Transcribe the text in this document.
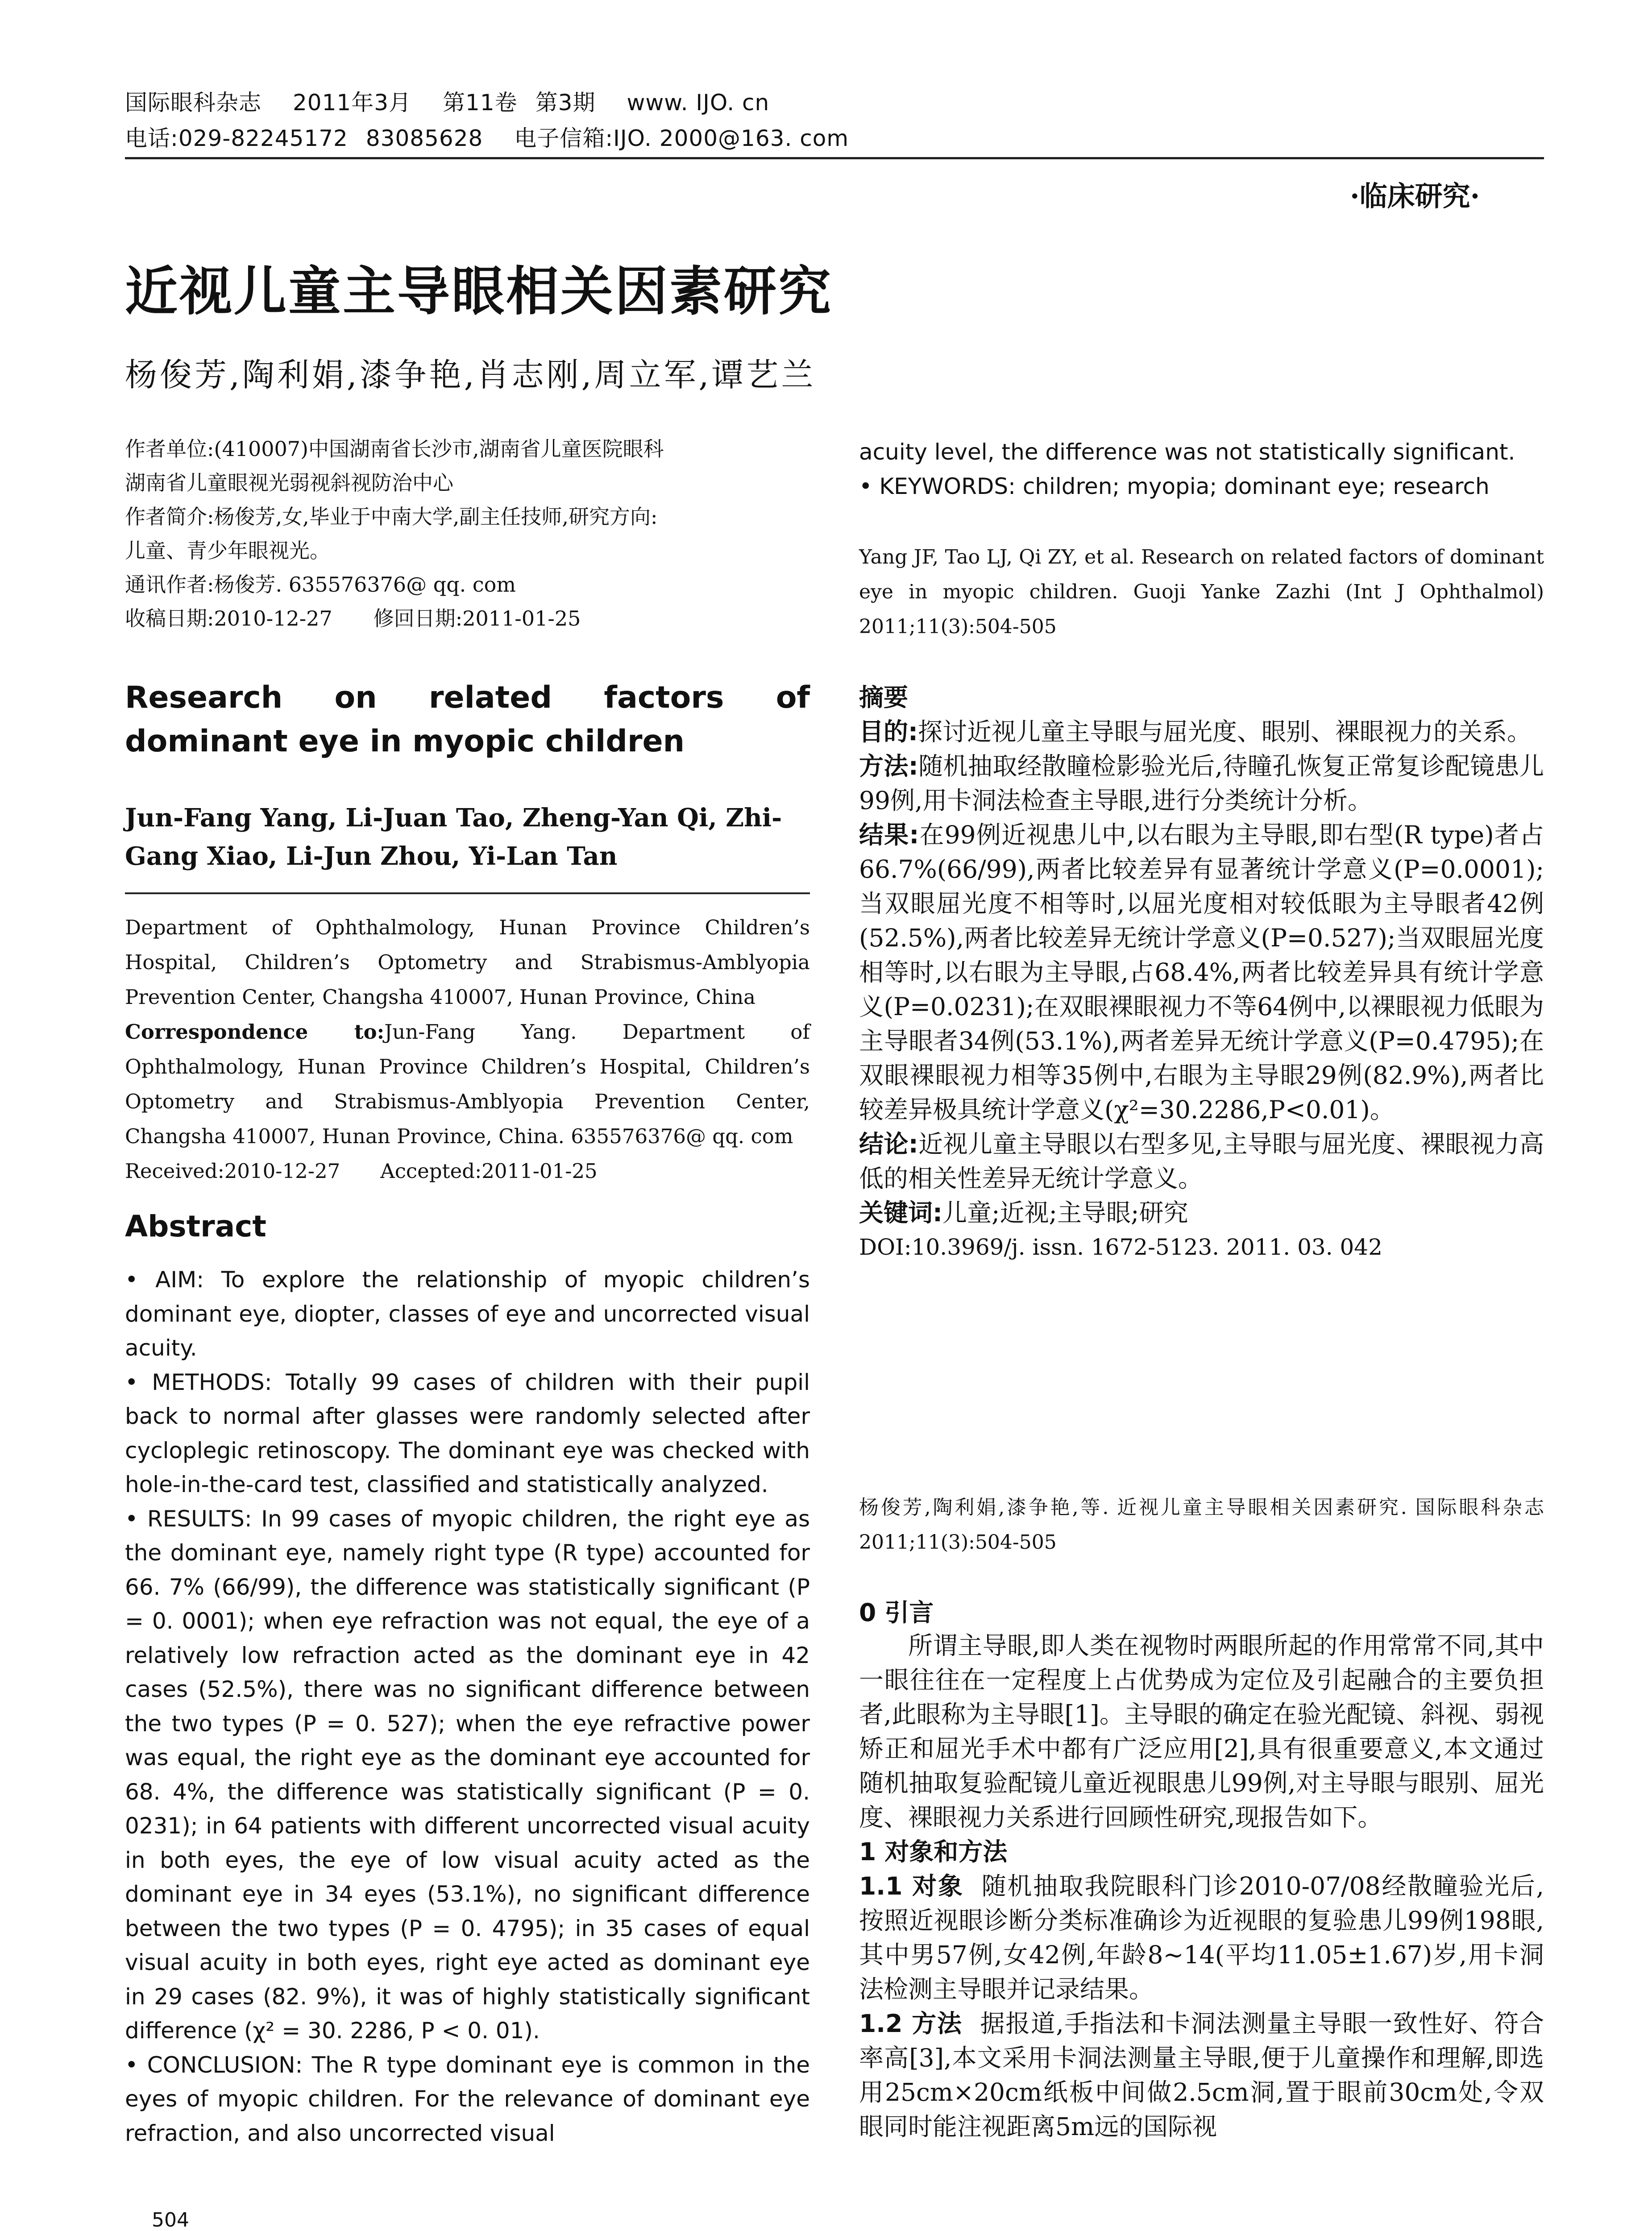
国际眼科杂志 2011年3月 第11卷 第3期 www. IJO. cn
电话:029-82245172 83085628 电子信箱:IJO. 2000@163. com
·临床研究·
近视儿童主导眼相关因素研究
杨俊芳,陶利娟,漆争艳,肖志刚,周立军,谭艺兰

作者单位:(410007)中国湖南省长沙市,湖南省儿童医院眼科

湖南省儿童眼视光弱视斜视防治中心

作者简介:杨俊芳,女,毕业于中南大学,副主任技师,研究方向:

儿童、青少年眼视光。

通讯作者:杨俊芳. 635576376@ qq. com

收稿日期:2010-12-27　　修回日期:2011-01-25

Research on related factors of dominant eye in myopic children
Jun-Fang Yang, Li-Juan Tao, Zheng-Yan Qi, Zhi-Gang Xiao, Li-Jun Zhou, Yi-Lan Tan

Department of Ophthalmology, Hunan Province Children’s Hospital, Children’s Optometry and Strabismus-Amblyopia Prevention Center, Changsha 410007, Hunan Province, China

Correspondence to:Jun-Fang Yang. Department of Ophthalmology, Hunan Province Children’s Hospital, Children’s Optometry and Strabismus-Amblyopia Prevention Center, Changsha 410007, Hunan Province, China. 635576376@ qq. com

Received:2010-12-27　　Accepted:2011-01-25

Abstract

• AIM: To explore the relationship of myopic children’s dominant eye, diopter, classes of eye and uncorrected visual acuity.

• METHODS: Totally 99 cases of children with their pupil back to normal after glasses were randomly selected after cycloplegic retinoscopy. The dominant eye was checked with hole-in-the-card test, classified and statistically analyzed.

• RESULTS: In 99 cases of myopic children, the right eye as the dominant eye, namely right type (R type) accounted for 66. 7% (66/99), the difference was statistically significant (P = 0. 0001); when eye refraction was not equal, the eye of a relatively low refraction acted as the dominant eye in 42 cases (52.5%), there was no significant difference between the two types (P = 0. 527); when the eye refractive power was equal, the right eye as the dominant eye accounted for 68. 4%, the difference was statistically significant (P = 0. 0231); in 64 patients with different uncorrected visual acuity in both eyes, the eye of low visual acuity acted as the dominant eye in 34 eyes (53.1%), no significant difference between the two types (P = 0. 4795); in 35 cases of equal visual acuity in both eyes, right eye acted as dominant eye in 29 cases (82. 9%), it was of highly statistically significant difference (χ² = 30. 2286, P < 0. 01).

• CONCLUSION: The R type dominant eye is common in the eyes of myopic children. For the relevance of dominant eye refraction, and also uncorrected visual

504

acuity level, the difference was not statistically significant.

• KEYWORDS: children; myopia; dominant eye; research

Yang JF, Tao LJ, Qi ZY, et al. Research on related factors of dominant eye in myopic children. Guoji Yanke Zazhi (Int J Ophthalmol) 2011;11(3):504-505

摘要

目的:探讨近视儿童主导眼与屈光度、眼别、裸眼视力的关系。

方法:随机抽取经散瞳检影验光后,待瞳孔恢复正常复诊配镜患儿99例,用卡洞法检查主导眼,进行分类统计分析。

结果:在99例近视患儿中,以右眼为主导眼,即右型(R type)者占66.7%(66/99),两者比较差异有显著统计学意义(P=0.0001);当双眼屈光度不相等时,以屈光度相对较低眼为主导眼者42例(52.5%),两者比较差异无统计学意义(P=0.527);当双眼屈光度相等时,以右眼为主导眼,占68.4%,两者比较差异具有统计学意义(P=0.0231);在双眼裸眼视力不等64例中,以裸眼视力低眼为主导眼者34例(53.1%),两者差异无统计学意义(P=0.4795);在双眼裸眼视力相等35例中,右眼为主导眼29例(82.9%),两者比较差异极具统计学意义(χ²=30.2286,P<0.01)。

结论:近视儿童主导眼以右型多见,主导眼与屈光度、裸眼视力高低的相关性差异无统计学意义。

关键词:儿童;近视;主导眼;研究

DOI:10.3969/j. issn. 1672-5123. 2011. 03. 042

杨俊芳,陶利娟,漆争艳,等. 近视儿童主导眼相关因素研究. 国际眼科杂志 2011;11(3):504-505
0 引言

所谓主导眼,即人类在视物时两眼所起的作用常常不同,其中一眼往往在一定程度上占优势成为定位及引起融合的主要负担者,此眼称为主导眼[1]。主导眼的确定在验光配镜、斜视、弱视矫正和屈光手术中都有广泛应用[2],具有很重要意义,本文通过随机抽取复验配镜儿童近视眼患儿99例,对主导眼与眼别、屈光度、裸眼视力关系进行回顾性研究,现报告如下。

1 对象和方法

1.1 对象 随机抽取我院眼科门诊2010-07/08经散瞳验光后,按照近视眼诊断分类标准确诊为近视眼的复验患儿99例198眼,其中男57例,女42例,年龄8~14(平均11.05±1.67)岁,用卡洞法检测主导眼并记录结果。

1.2 方法 据报道,手指法和卡洞法测量主导眼一致性好、符合率高[3],本文采用卡洞法测量主导眼,便于儿童操作和理解,即选用25cm×20cm纸板中间做2.5cm洞,置于眼前30cm处,令双眼同时能注视距离5m远的国际视
